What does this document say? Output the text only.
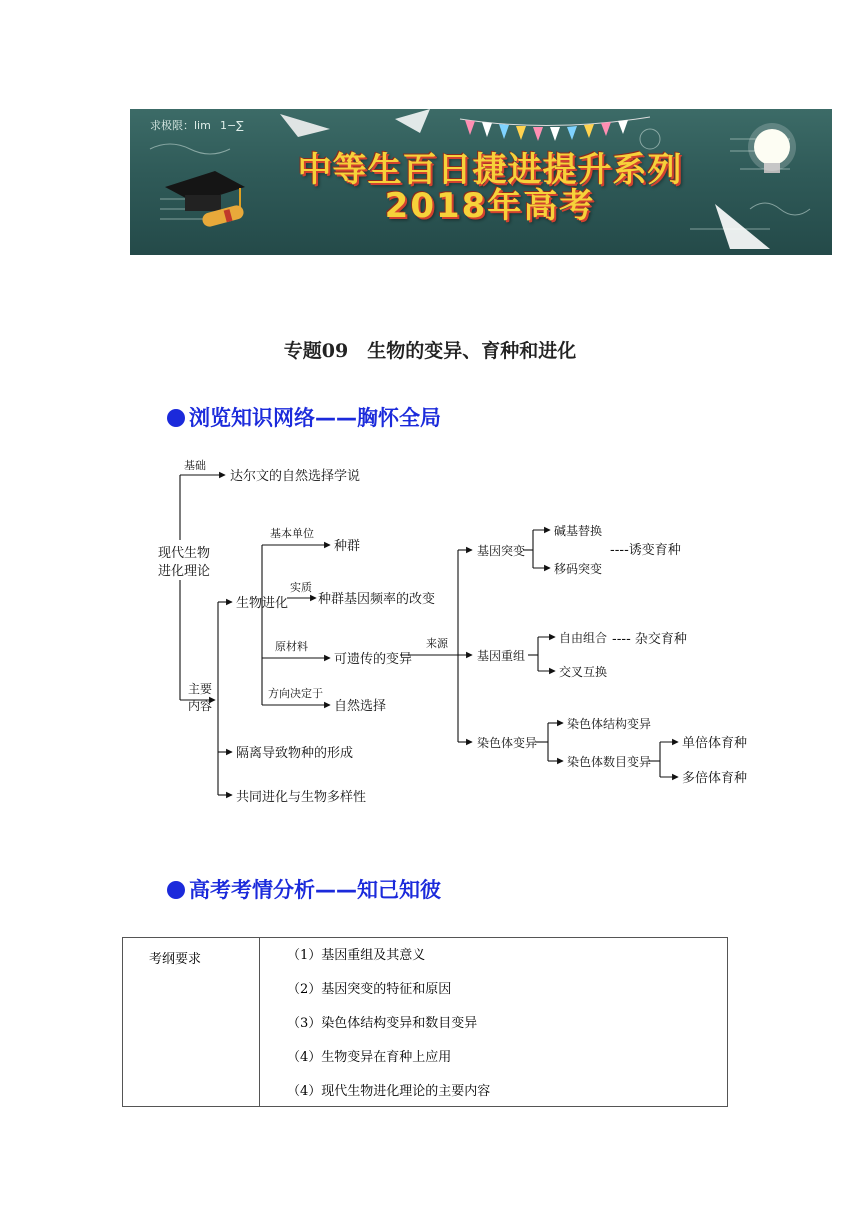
求极限：lim 1−∑
中等生百日捷进提升系列
2018年高考
专题09　生物的变异、育种和进化
浏览知识网络——胸怀全局
基础
达尔文的自然选择学说
现代生物
进化理论
主要
内容
生物进化
基本单位
种群
实质
种群基因频率的改变
原材料
可遗传的变异
方向决定于
自然选择
隔离导致物种的形成
共同进化与生物多样性
来源
基因突变
碱基替换
移码突变
----诱变育种
基因重组
自由组合
交叉互换
---- 杂交育种
染色体变异
染色体结构变异
染色体数目变异
单倍体育种
多倍体育种
高考考情分析——知己知彼
考纲要求	（1）基因重组及其意义
（2）基因突变的特征和原因
（3）染色体结构变异和数目变异
（4）生物变异在育种上应用
（4）现代生物进化理论的主要内容
